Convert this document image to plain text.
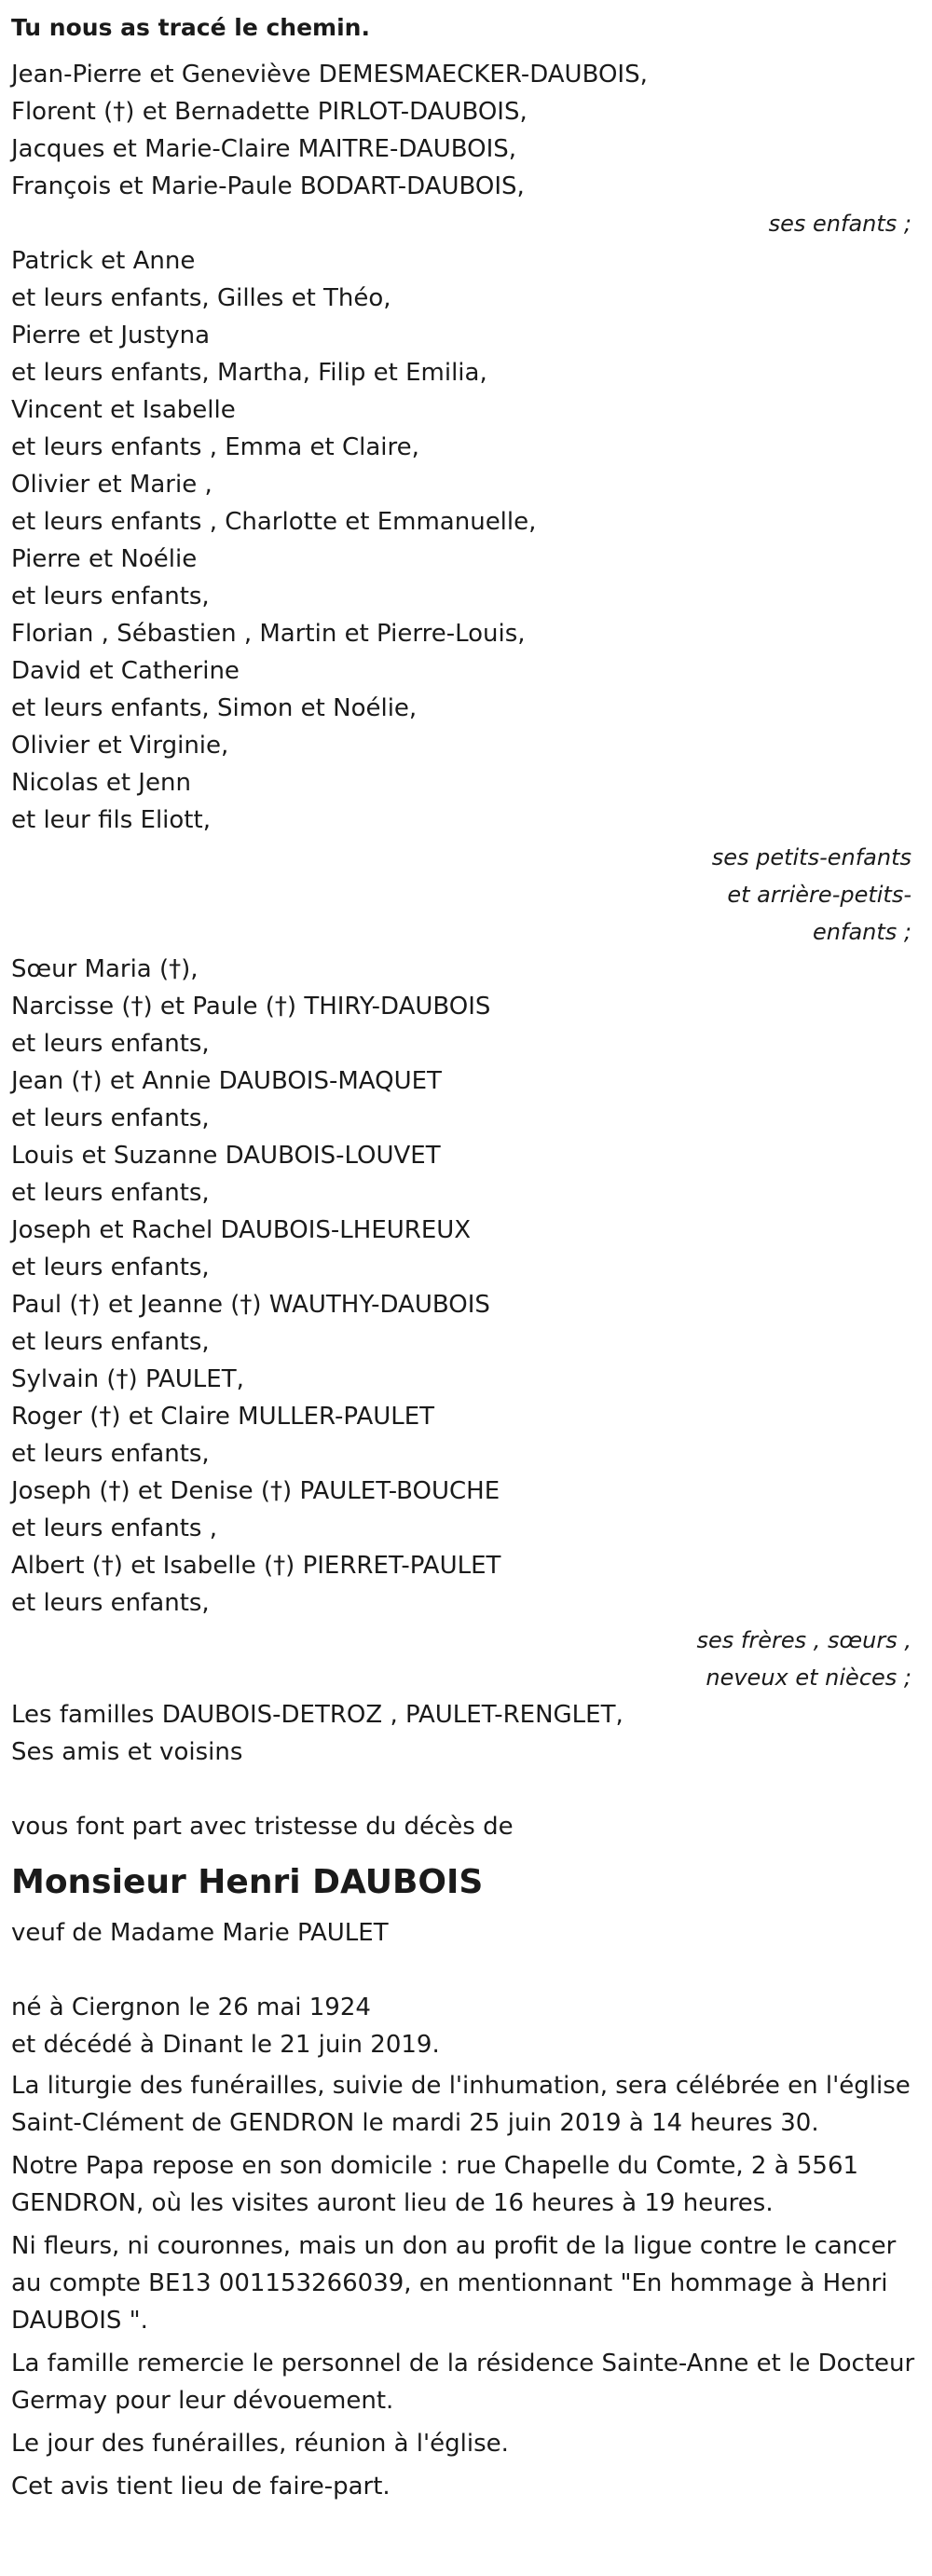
Tu nous as tracé le chemin.
Jean-Pierre et Geneviève DEMESMAECKER-DAUBOIS,
Florent (†) et Bernadette PIRLOT-DAUBOIS,
Jacques et Marie-Claire MAITRE-DAUBOIS,
François et Marie-Paule BODART-DAUBOIS,
ses enfants ;
Patrick et Anne
et leurs enfants, Gilles et Théo,
Pierre et Justyna
et leurs enfants, Martha, Filip et Emilia,
Vincent et Isabelle
et leurs enfants , Emma et Claire,
Olivier et Marie ,
et leurs enfants , Charlotte et Emmanuelle,
Pierre et Noélie
et leurs enfants,
Florian , Sébastien , Martin et Pierre-Louis,
David et Catherine
et leurs enfants, Simon et Noélie,
Olivier et Virginie,
Nicolas et Jenn
et leur fils Eliott,
ses petits-enfants
et arrière-petits-
enfants ;
Sœur Maria (†),
Narcisse (†) et Paule (†) THIRY-DAUBOIS
et leurs enfants,
Jean (†) et Annie DAUBOIS-MAQUET
et leurs enfants,
Louis et Suzanne DAUBOIS-LOUVET
et leurs enfants,
Joseph et Rachel DAUBOIS-LHEUREUX
et leurs enfants,
Paul (†) et Jeanne (†) WAUTHY-DAUBOIS
et leurs enfants,
Sylvain (†) PAULET,
Roger (†) et Claire MULLER-PAULET
et leurs enfants,
Joseph (†) et Denise (†) PAULET-BOUCHE
et leurs enfants ,
Albert (†) et Isabelle (†) PIERRET-PAULET
et leurs enfants,
ses frères , sœurs ,
neveux et nièces ;
Les familles DAUBOIS-DETROZ , PAULET-RENGLET,
Ses amis et voisins
vous font part avec tristesse du décès de
Monsieur Henri DAUBOIS
veuf de Madame Marie PAULET
né à Ciergnon le 26 mai 1924
et décédé à Dinant le 21 juin 2019.
La liturgie des funérailles, suivie de l'inhumation, sera célébrée en l'église Saint-Clément de GENDRON le mardi 25 juin 2019 à 14 heures 30.
Notre Papa repose en son domicile : rue Chapelle du Comte, 2 à 5561 GENDRON, où les visites auront lieu de 16 heures à 19 heures.
Ni fleurs, ni couronnes, mais un don au profit de la ligue contre le cancer au compte BE13 001153266039, en mentionnant "En hommage à Henri DAUBOIS ".
La famille remercie le personnel de la résidence Sainte-Anne et le Docteur Germay pour leur dévouement.
Le jour des funérailles, réunion à l'église.
Cet avis tient lieu de faire-part.
